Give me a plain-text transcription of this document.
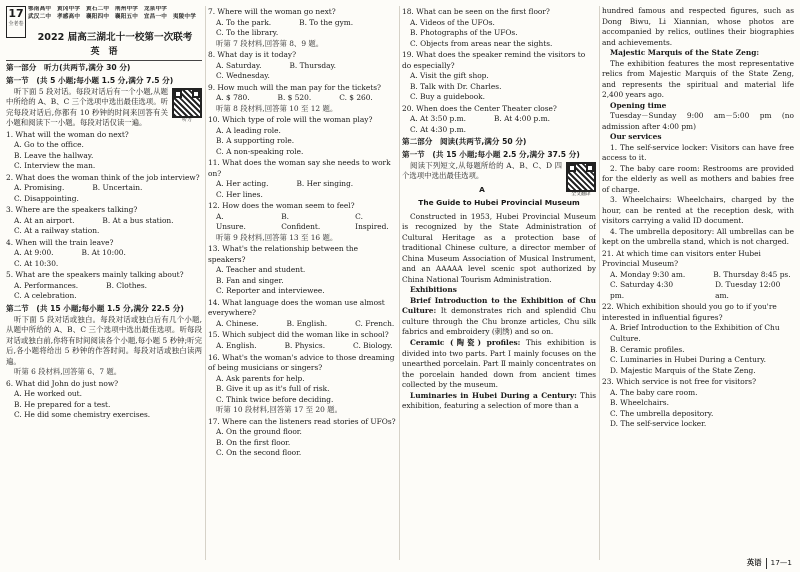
17
全老卷
鄂南高中　黄冈中学　黄石二中　荆州中学　龙泉中学
武汉二中　孝感高中　襄阳四中　襄阳五中　宜昌一中　夷陵中学
2022 届高三湖北十一校第一次联考
英　语
第一部分　听力(共两节,满分 30 分)
第一节　(共 5 小题;每小题 1.5 分,满分 7.5 分)
听力

听下面 5 段对话。每段对话后有一个小题,从题中所给的 A、B、C 三个选项中选出最佳选项。听完每段对话后,你都有 10 秒钟的时间来回答有关小题和阅读下一小题。每段对话仅读一遍。

1. What will the woman do next?

A. Go to the office.

B. Leave the hallway.

C. Interview the man.

2. What does the woman think of the job interview?

A. Promising.	B. Uncertain.

C. Disappointing.

3. Where are the speakers talking?

A. At an airport.	B. At a bus station.

C. At a railway station.

4. When will the train leave?

A. At 9:00.	B. At 10:00.

C. At 10:30.

5. What are the speakers mainly talking about?

A. Performances.	B. Clothes.

C. A celebration.

第二节　(共 15 小题;每小题 1.5 分,满分 22.5 分)

听下面 5 段对话或独白。每段对话或独白后有几个小题,从题中所给的 A、B、C 三个选项中选出最佳选项。听每段对话或独白前,你将有时间阅读各个小题,每小题 5 秒钟;听完后,各小题将给出 5 秒钟的作答时间。每段对话或独白读两遍。

听第 6 段材料,回答第 6、7 题。

6. What did John do just now?

A. He worked out.

B. He prepared for a test.

C. He did some chemistry exercises.

7. Where will the woman go next?

A. To the park.	B. To the gym.

C. To the library.

听第 7 段材料,回答第 8、9 题。

8. What day is it today?

A. Saturday.	B. Thursday.

C. Wednesday.

9. How much will the man pay for the tickets?

A. $ 780.	B. $ 520.	C. $ 260.

听第 8 段材料,回答第 10 至 12 题。

10. Which type of role will the woman play?

A. A leading role.

B. A supporting role.

C. A non-speaking role.

11. What does the woman say she needs to work on?

A. Her acting.	B. Her singing.

C. Her lines.

12. How does the woman seem to feel?

A. Unsure.
B. Confident.
C. Inspired.

听第 9 段材料,回答第 13 至 16 题。

13. What's the relationship between the speakers?

A. Teacher and student.

B. Fan and singer.

C. Reporter and interviewee.

14. What language does the woman use almost everywhere?

A. Chinese.	B. English.	C. French.

15. Which subject did the woman like in school?

A. English.	B. Physics.	C. Biology.

16. What's the woman's advice to those dreaming of being musicians or singers?

A. Ask parents for help.

B. Give it up as it's full of risk.

C. Think twice before deciding.

听第 10 段材料,回答第 17 至 20 题。

17. Where can the listeners read stories of UFOs?

A. On the ground floor.

B. On the first floor.

C. On the second floor.

18. What can be seen on the first floor?

A. Videos of the UFOs.

B. Photographs of the UFOs.

C. Objects from areas near the sights.

19. What does the speaker remind the visitors to do especially?

A. Visit the gift shop.

B. Talk with Dr. Charles.

C. Buy a guidebook.

20. When does the Center Theater close?

A. At 3:50 p.m.	B. At 4:00 p.m.

C. At 4:30 p.m.

第二部分　阅读(共两节,满分 50 分)
第一节　(共 15 小题;每小题 2.5 分,满分 37.5 分)
全文翻译

阅读下列短文,从每题所给的 A、B、C、D 四个选项中选出最佳选项。

A
The Guide to Hubei Provincial Museum

Constructed in 1953, Hubei Provincial Museum is recognized by the State Administration of Cultural Heritage as a protection base of traditional Chinese culture, a director member of China Museum Association of Musical Instrument, and an AAAAA level scenic spot authorized by China National Tourism Administration.

Exhibitions

Brief Introduction to the Exhibition of Chu Culture: It demonstrates rich and splendid Chu culture through the Chu bronze articles, Chu silk fabrics and embroidery (刺绣) and so on.

Ceramic (陶瓷) profiles: This exhibition is divided into two parts. Part Ⅰ mainly focuses on the unearthed porcelain. Part Ⅱ mainly concentrates on the porcelain handed down from ancient times collected by the museum.

Luminaries in Hubei During a Century: This exhibition, featuring a selection of more than a

hundred famous and respected figures, such as Dong Biwu, Li Xiannian, whose photos are accompanied by relics, outlines their biographies and achievements.

Majestic Marquis of the State Zeng:

The exhibition features the most representative relics from Majestic Marquis of the State Zeng, and represents the spiritual and material life 2,400 years ago.

Opening time

Tuesday－Sunday 9:00 am－5:00 pm (no admission after 4:00 pm)

Our services

1. The self-service locker: Visitors can have free access to it.

2. The baby care room: Restrooms are provided for the elderly as well as mothers and babies free of charge.

3. Wheelchairs: Wheelchairs, charged by the hour, can be rented at the reception desk, with visitors carrying a valid ID document.

4. The umbrella depository: All umbrellas can be kept on the umbrella stand, which is not charged.

21. At which time can visitors enter Hubei Provincial Museum?

A. Monday 9:30 am.	B. Thursday 8:45 ps.
C. Saturday 4:30 pm.
D. Tuesday 12:00 am.

22. Which exhibition should you go to if you're interested in influential figures?

A. Brief Introduction to the Exhibition of Chu Culture.

B. Ceramic profiles.

C. Luminaries in Hubei During a Century.

D. Majestic Marquis of the State Zeng.

23. Which service is not free for visitors?

A. The baby care room.

B. Wheelchairs.

C. The umbrella depository.

D. The self-service locker.

英语	17—1
